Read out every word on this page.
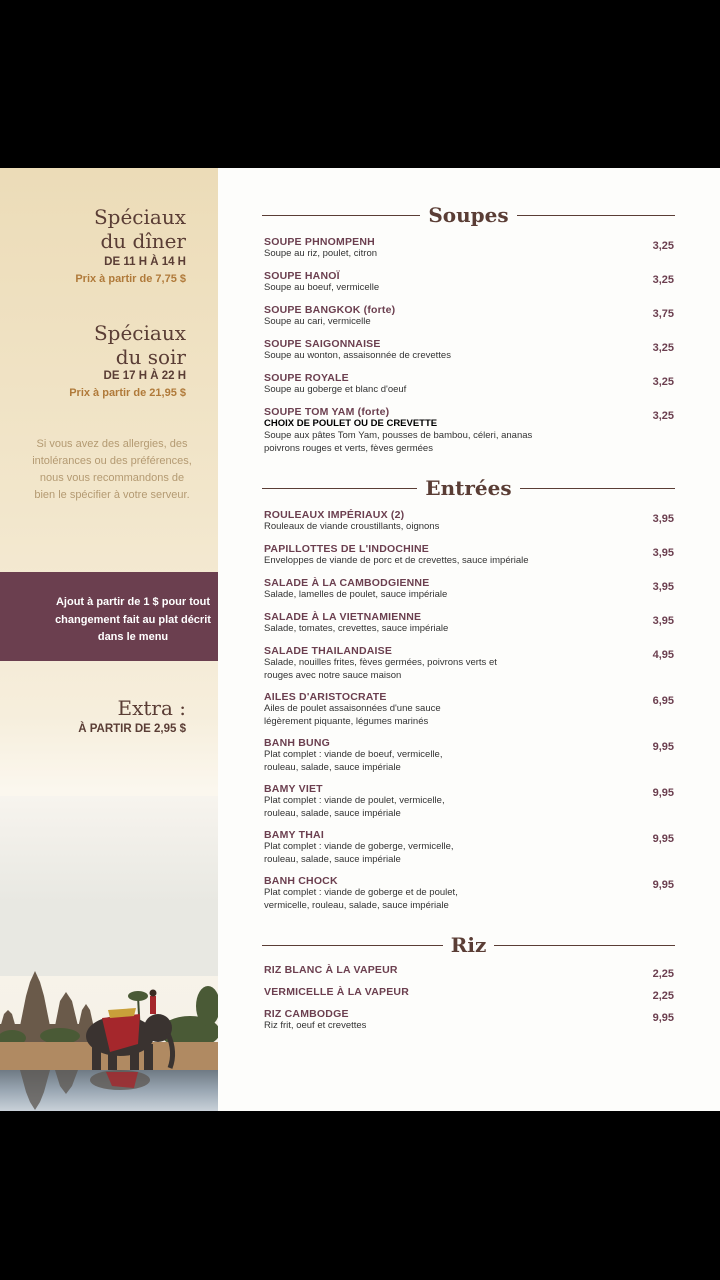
Spéciaux
du dîner
DE 11 H À 14 H
Prix à partir de 7,75 $
Spéciaux
du soir
DE 17 H À 22 H
Prix à partir de 21,95 $
Si vous avez des allergies, des intolérances ou des préférences, nous vous recommandons de bien le spécifier à votre serveur.
Ajout à partir de 1 $ pour tout changement fait au plat décrit dans le menu
Extra :
À PARTIR DE 2,95 $
Soupes
SOUPE PHNOMPENH
Soupe au riz, poulet, citron
3,25
SOUPE HANOÏ
Soupe au boeuf, vermicelle
3,25
SOUPE BANGKOK (forte)
Soupe au cari, vermicelle
3,75
SOUPE SAIGONNAISE
Soupe au wonton, assaisonnée de crevettes
3,25
SOUPE ROYALE
Soupe au goberge et blanc d'oeuf
3,25
SOUPE TOM YAM (forte)
CHOIX DE POULET OU DE CREVETTE
Soupe aux pâtes Tom Yam, pousses de bambou, céleri, ananas poivrons rouges et verts, fèves germées
3,25
Entrées
ROULEAUX IMPÉRIAUX (2)
Rouleaux de viande croustillants, oignons
3,95
PAPILLOTTES DE L'INDOCHINE
Enveloppes de viande de porc et de crevettes, sauce impériale
3,95
SALADE À LA CAMBODGIENNE
Salade, lamelles de poulet, sauce impériale
3,95
SALADE À LA VIETNAMIENNE
Salade, tomates, crevettes, sauce impériale
3,95
SALADE THAILANDAISE
Salade, nouilles frites, fèves germées, poivrons verts et rouges avec notre sauce maison
4,95
AILES D'ARISTOCRATE
Ailes de poulet assaisonnées d'une sauce légèrement piquante, légumes marinés
6,95
BANH BUNG
Plat complet : viande de boeuf, vermicelle, rouleau, salade, sauce impériale
9,95
BAMY VIET
Plat complet : viande de poulet, vermicelle, rouleau, salade, sauce impériale
9,95
BAMY THAI
Plat complet : viande de goberge, vermicelle, rouleau, salade, sauce impériale
9,95
BANH CHOCK
Plat complet : viande de goberge et de poulet, vermicelle, rouleau, salade, sauce impériale
9,95
Riz
RIZ BLANC À LA VAPEUR	2,25
VERMICELLE À LA VAPEUR	2,25
RIZ CAMBODGE
Riz frit, oeuf et crevettes
9,95
